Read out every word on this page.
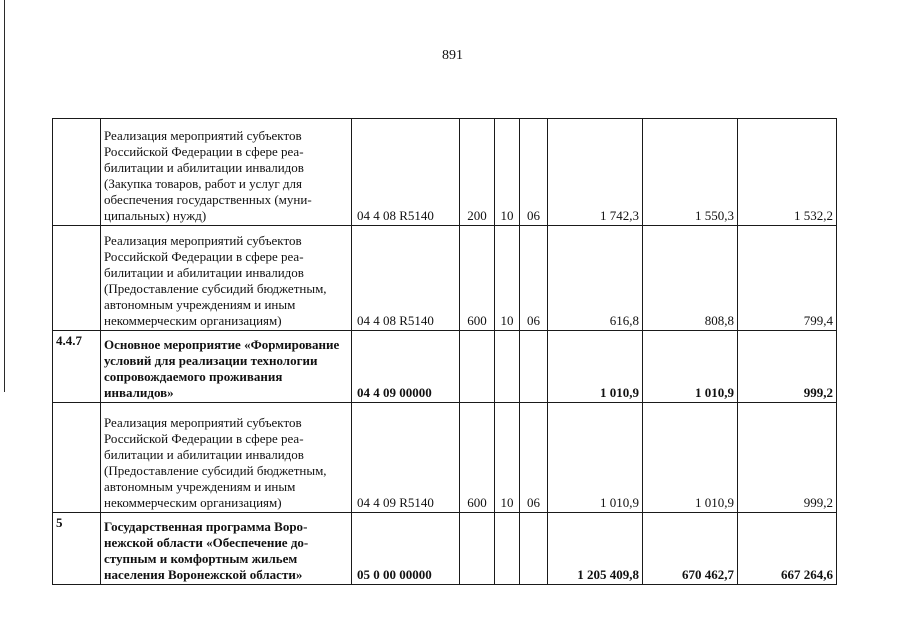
891
	Реализация мероприятий субъектов Российской Федерации в сфере реабилитации и абилитации инвалидов (Закупка товаров, работ и услуг для обеспечения государственных (муниципальных) нужд)	04 4 08 R5140	200	10	06	1 742,3	1 550,3	1 532,2
	Реализация мероприятий субъектов Российской Федерации в сфере реабилитации и абилитации инвалидов (Предоставление субсидий бюджетным, автономным учреждениям и иным некоммерческим организациям)	04 4 08 R5140	600	10	06	616,8	808,8	799,4
4.4.7	Основное мероприятие «Формирование условий для реализации технологии сопровождаемого проживания инвалидов»	04 4 09 00000				1 010,9	1 010,9	999,2
	Реализация мероприятий субъектов Российской Федерации в сфере реабилитации и абилитации инвалидов (Предоставление субсидий бюджетным, автономным учреждениям и иным некоммерческим организациям)	04 4 09 R5140	600	10	06	1 010,9	1 010,9	999,2
5	Государственная программа Воронежской области «Обеспечение доступным и комфортным жильем населения Воронежской области»	05 0 00 00000				1 205 409,8	670 462,7	667 264,6
